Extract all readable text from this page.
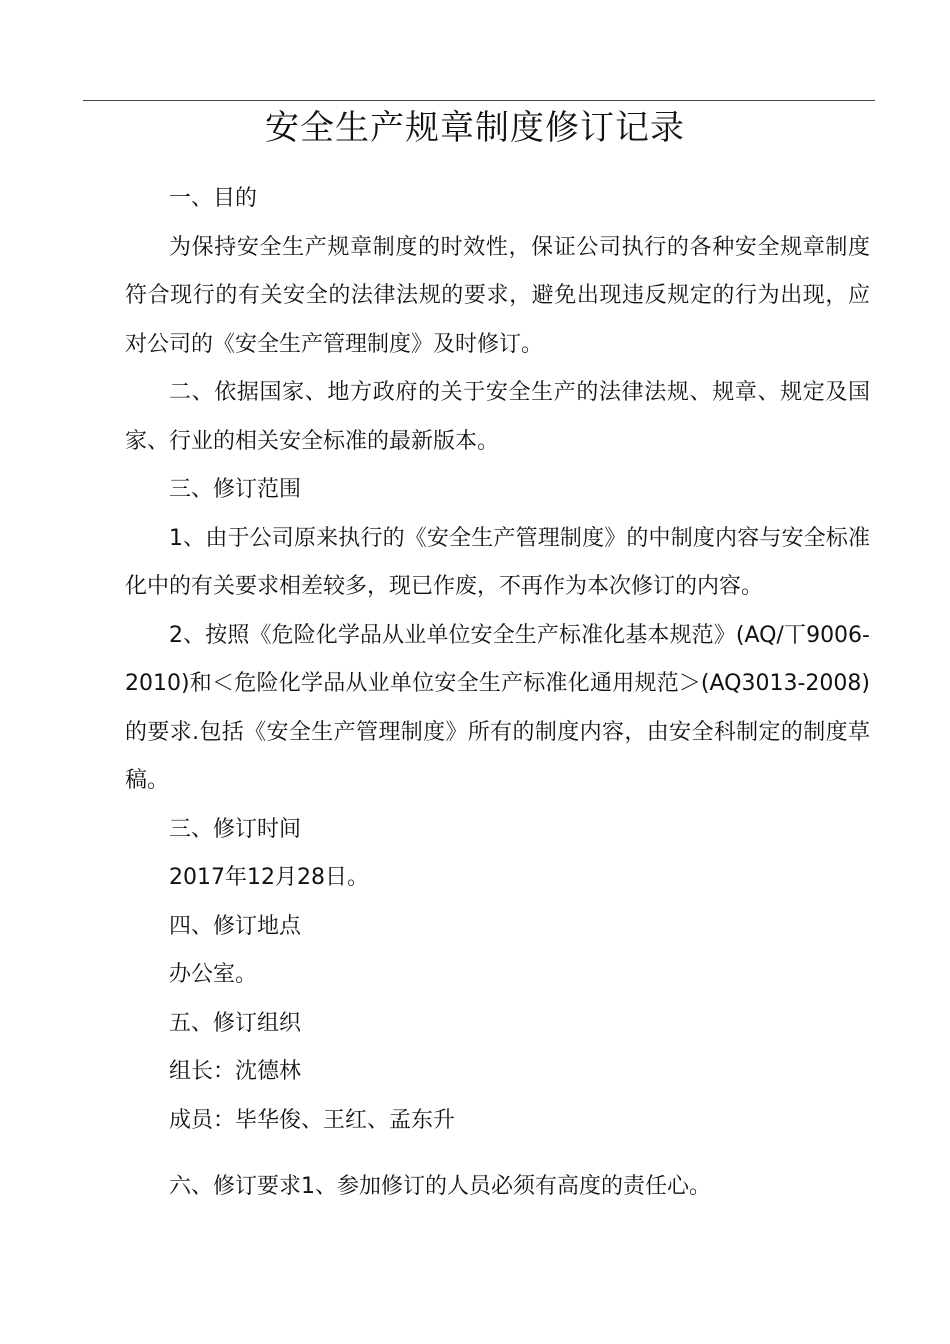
安全生产规章制度修订记录

一、目的

为保持安全生产规章制度的时效性，保证公司执行的各种安全规章制度符合现行的有关安全的法律法规的要求，避免出现违反规定的行为出现，应对公司的《安全生产管理制度》及时修订。

二、依据国家、地方政府的关于安全生产的法律法规、规章、规定及国家、行业的相关安全标准的最新版本。

三、修订范围

1、由于公司原来执行的《安全生产管理制度》的中制度内容与安全标准化中的有关要求相差较多，现已作废，不再作为本次修订的内容。

2、按照《危险化学品从业单位安全生产标准化基本规范》(AQ/丅9006-2010)和＜危险化学品从业单位安全生产标准化通用规范＞(AQ3013-2008)的要求.包括《安全生产管理制度》所有的制度内容，由安全科制定的制度草稿。

三、修订时间

2017年12月28日。

四、修订地点

办公室。

五、修订组织

组长：沈德林

成员：毕华俊、王红、孟东升

六、修订要求1、参加修订的人员必须有高度的责任心。
